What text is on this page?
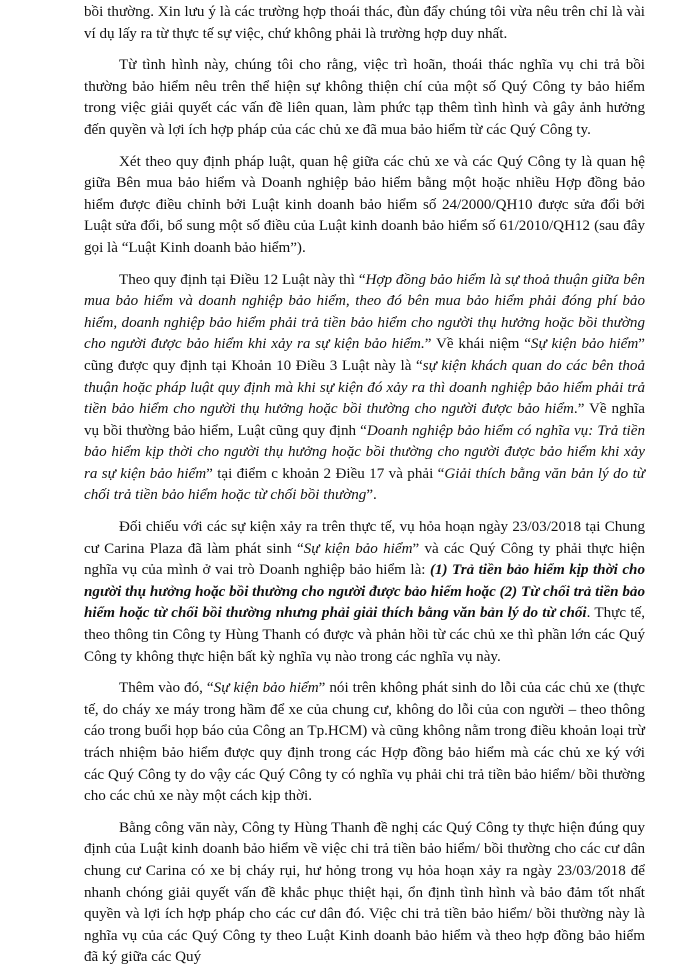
bồi thường. Xin lưu ý là các trường hợp thoái thác, đùn đẩy chúng tôi vừa nêu trên chỉ là vài ví dụ lấy ra từ thực tế sự việc, chứ không phải là trường hợp duy nhất.

Từ tình hình này, chúng tôi cho rằng, việc trì hoãn, thoái thác nghĩa vụ chi trả bồi thường bảo hiểm nêu trên thể hiện sự không thiện chí của một số Quý Công ty bảo hiểm trong việc giải quyết các vấn đề liên quan, làm phức tạp thêm tình hình và gây ảnh hưởng đến quyền và lợi ích hợp pháp của các chủ xe đã mua bảo hiểm từ các Quý Công ty.

Xét theo quy định pháp luật, quan hệ giữa các chủ xe và các Quý Công ty là quan hệ giữa Bên mua bảo hiểm và Doanh nghiệp bảo hiểm bằng một hoặc nhiều Hợp đồng bảo hiểm được điều chỉnh bởi Luật kinh doanh bảo hiểm số 24/2000/QH10 được sửa đổi bởi Luật sửa đổi, bổ sung một số điều của Luật kinh doanh bảo hiểm số 61/2010/QH12 (sau đây gọi là “Luật Kinh doanh bảo hiểm”).

Theo quy định tại Điều 12 Luật này thì “Hợp đồng bảo hiểm là sự thoả thuận giữa bên mua bảo hiểm và doanh nghiệp bảo hiểm, theo đó bên mua bảo hiểm phải đóng phí bảo hiểm, doanh nghiệp bảo hiểm phải trả tiền bảo hiểm cho người thụ hưởng hoặc bồi thường cho người được bảo hiểm khi xảy ra sự kiện bảo hiểm.” Về khái niệm “Sự kiện bảo hiểm” cũng được quy định tại Khoản 10 Điều 3 Luật này là “sự kiện khách quan do các bên thoả thuận hoặc pháp luật quy định mà khi sự kiện đó xảy ra thì doanh nghiệp bảo hiểm phải trả tiền bảo hiểm cho người thụ hưởng hoặc bồi thường cho người được bảo hiểm.” Về nghĩa vụ bồi thường bảo hiểm, Luật cũng quy định “Doanh nghiệp bảo hiểm có nghĩa vụ: Trả tiền bảo hiểm kịp thời cho người thụ hưởng hoặc bồi thường cho người được bảo hiểm khi xảy ra sự kiện bảo hiểm” tại điểm c khoản 2 Điều 17 và phải “Giải thích bằng văn bản lý do từ chối trả tiền bảo hiểm hoặc từ chối bồi thường”.

Đối chiếu với các sự kiện xảy ra trên thực tế, vụ hỏa hoạn ngày 23/03/2018 tại Chung cư Carina Plaza đã làm phát sinh “Sự kiện bảo hiểm” và các Quý Công ty phải thực hiện nghĩa vụ của mình ở vai trò Doanh nghiệp bảo hiểm là: (1) Trả tiền bảo hiểm kịp thời cho người thụ hưởng hoặc bồi thường cho người được bảo hiểm hoặc (2) Từ chối trả tiền bảo hiểm hoặc từ chối bồi thường nhưng phải giải thích bằng văn bản lý do từ chối. Thực tế, theo thông tin Công ty Hùng Thanh có được và phản hồi từ các chủ xe thì phần lớn các Quý Công ty không thực hiện bất kỳ nghĩa vụ nào trong các nghĩa vụ này.

Thêm vào đó, “Sự kiện bảo hiểm” nói trên không phát sinh do lỗi của các chủ xe (thực tế, do cháy xe máy trong hầm để xe của chung cư, không do lỗi của con người – theo thông cáo trong buổi họp báo của Công an Tp.HCM) và cũng không nằm trong điều khoản loại trừ trách nhiệm bảo hiểm được quy định trong các Hợp đồng bảo hiểm mà các chủ xe ký với các Quý Công ty do vậy các Quý Công ty có nghĩa vụ phải chi trả tiền bảo hiểm/ bồi thường cho các chủ xe này một cách kịp thời.

Bằng công văn này, Công ty Hùng Thanh đề nghị các Quý Công ty thực hiện đúng quy định của Luật kinh doanh bảo hiểm về việc chi trả tiền bảo hiểm/ bồi thường cho các cư dân chung cư Carina có xe bị cháy rụi, hư hỏng trong vụ hỏa hoạn xảy ra ngày 23/03/2018 để nhanh chóng giải quyết vấn đề khắc phục thiệt hại, ổn định tình hình và bảo đảm tốt nhất quyền và lợi ích hợp pháp cho các cư dân đó. Việc chi trả tiền bảo hiểm/ bồi thường này là nghĩa vụ của các Quý Công ty theo Luật Kinh doanh bảo hiểm và theo hợp đồng bảo hiểm đã ký giữa các Quý
